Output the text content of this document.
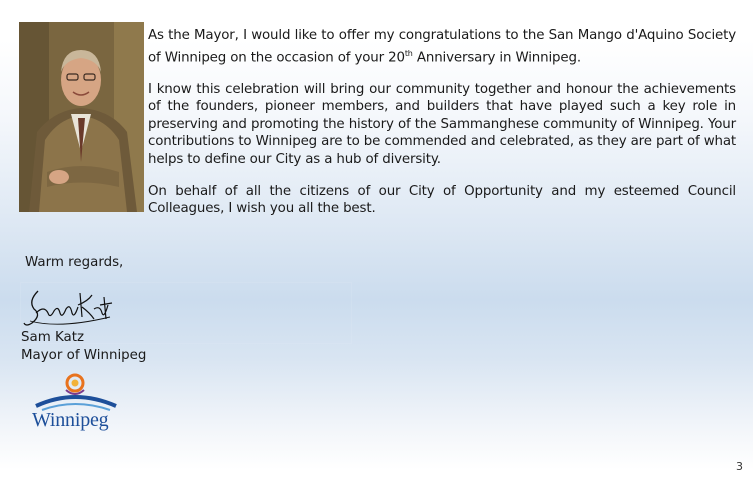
As the Mayor, I would like to offer my congratulations to the San Mango d'Aquino Society of Winnipeg on the occasion of your 20th Anniversary in Winnipeg.

I know this celebration will bring our community together and honour the achievements of the founders, pioneer members, and builders that have played such a key role in preserving and promoting the history of the Sammanghese community of Winnipeg. Your contributions to Winnipeg are to be commended and celebrated, as they are part of what helps to define our City as a hub of diversity.

On behalf of all the citizens of our City of Opportunity and my esteemed Council Colleagues, I wish you all the best.

Warm regards,
Sam Katz
Mayor of Winnipeg
Winnipeg
3
